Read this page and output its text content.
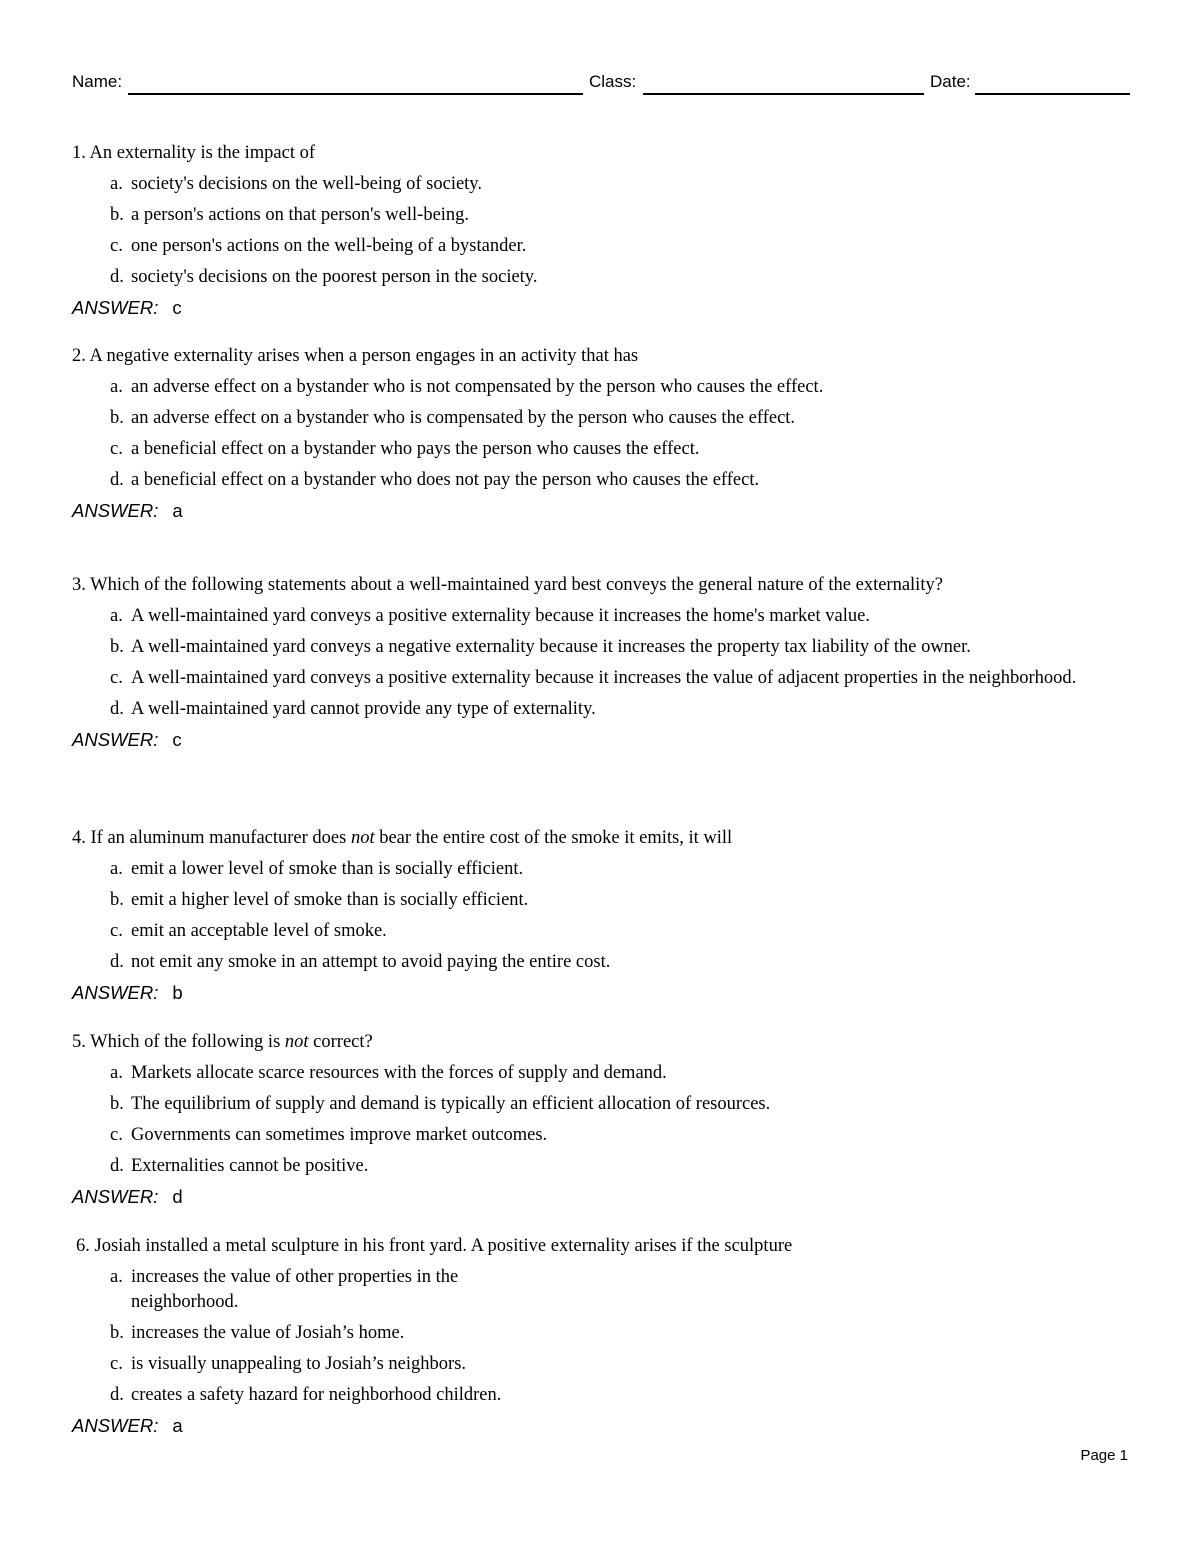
Name:	Class:	Date:
1. An externality is the impact of
a. society's decisions on the well-being of society.
b. a person's actions on that person's well-being.
c. one person's actions on the well-being of a bystander.
d. society's decisions on the poorest person in the society.
ANSWER: c
2. A negative externality arises when a person engages in an activity that has
a. an adverse effect on a bystander who is not compensated by the person who causes the effect.
b. an adverse effect on a bystander who is compensated by the person who causes the effect.
c. a beneficial effect on a bystander who pays the person who causes the effect.
d. a beneficial effect on a bystander who does not pay the person who causes the effect.
ANSWER: a
3. Which of the following statements about a well-maintained yard best conveys the general nature of the externality?
a. A well-maintained yard conveys a positive externality because it increases the home's market value.
b. A well-maintained yard conveys a negative externality because it increases the property tax liability of the owner.
c. A well-maintained yard conveys a positive externality because it increases the value of adjacent properties in the neighborhood.
d. A well-maintained yard cannot provide any type of externality.
ANSWER: c
4. If an aluminum manufacturer does not bear the entire cost of the smoke it emits, it will
a. emit a lower level of smoke than is socially efficient.
b. emit a higher level of smoke than is socially efficient.
c. emit an acceptable level of smoke.
d. not emit any smoke in an attempt to avoid paying the entire cost.
ANSWER: b
5. Which of the following is not correct?
a. Markets allocate scarce resources with the forces of supply and demand.
b. The equilibrium of supply and demand is typically an efficient allocation of resources.
c. Governments can sometimes improve market outcomes.
d. Externalities cannot be positive.
ANSWER: d
6. Josiah installed a metal sculpture in his front yard. A positive externality arises if the sculpture
a. increases the value of other properties in the neighborhood.
b. increases the value of Josiah’s home.
c. is visually unappealing to Josiah’s neighbors.
d. creates a safety hazard for neighborhood children.
ANSWER: a
Page 1
